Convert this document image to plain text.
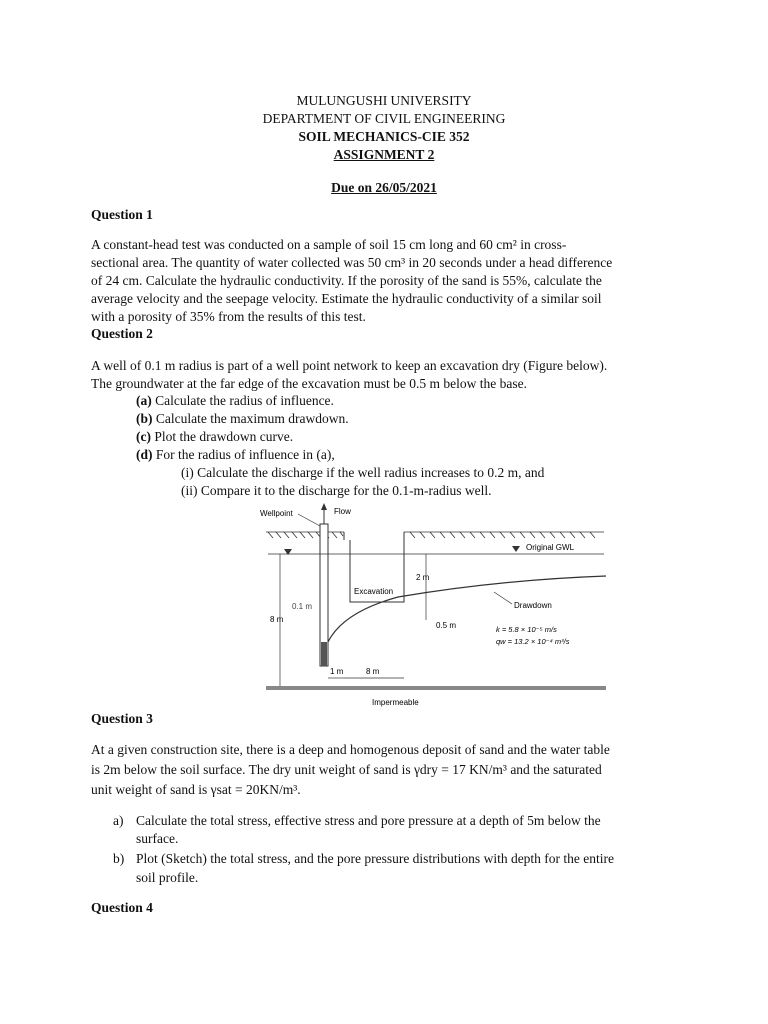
MULUNGUSHI UNIVERSITY
DEPARTMENT OF CIVIL ENGINEERING
SOIL MECHANICS-CIE 352
ASSIGNMENT 2
Due on 26/05/2021
Question 1
A constant-head test was conducted on a sample of soil 15 cm long and 60 cm² in cross-
sectional area. The quantity of water collected was 50 cm³ in 20 seconds under a head difference
of 24 cm. Calculate the hydraulic conductivity. If the porosity of the sand is 55%, calculate the
average velocity and the seepage velocity. Estimate the hydraulic conductivity of a similar soil
with a porosity of 35% from the results of this test.
Question 2
A well of 0.1 m radius is part of a well point network to keep an excavation dry (Figure below).
The groundwater at the far edge of the excavation must be 0.5 m below the base.
(a) Calculate the radius of influence.
(b) Calculate the maximum drawdown.
(c) Plot the drawdown curve.
(d) For the radius of influence in (a),
(i) Calculate the discharge if the well radius increases to 0.2 m, and
(ii) Compare it to the discharge for the 0.1-m-radius well.
Flow
Wellpoint
Original GWL
Drawdown
2 m
Excavation
0.5 m
0.1 m
8 m
k = 5.8 × 10⁻⁵ m/s
qw = 13.2 × 10⁻⁴ m³/s
1 m	8 m
Impermeable
Question 3
At a given construction site, there is a deep and homogenous deposit of sand and the water table
is 2m below the soil surface. The dry unit weight of sand is γdry = 17 KN/m³ and the saturated
unit weight of sand is γsat = 20KN/m³.
a) Calculate the total stress, effective stress and pore pressure at a depth of 5m below the
surface.
b) Plot (Sketch) the total stress, and the pore pressure distributions with depth for the entire
soil profile.
Question 4
